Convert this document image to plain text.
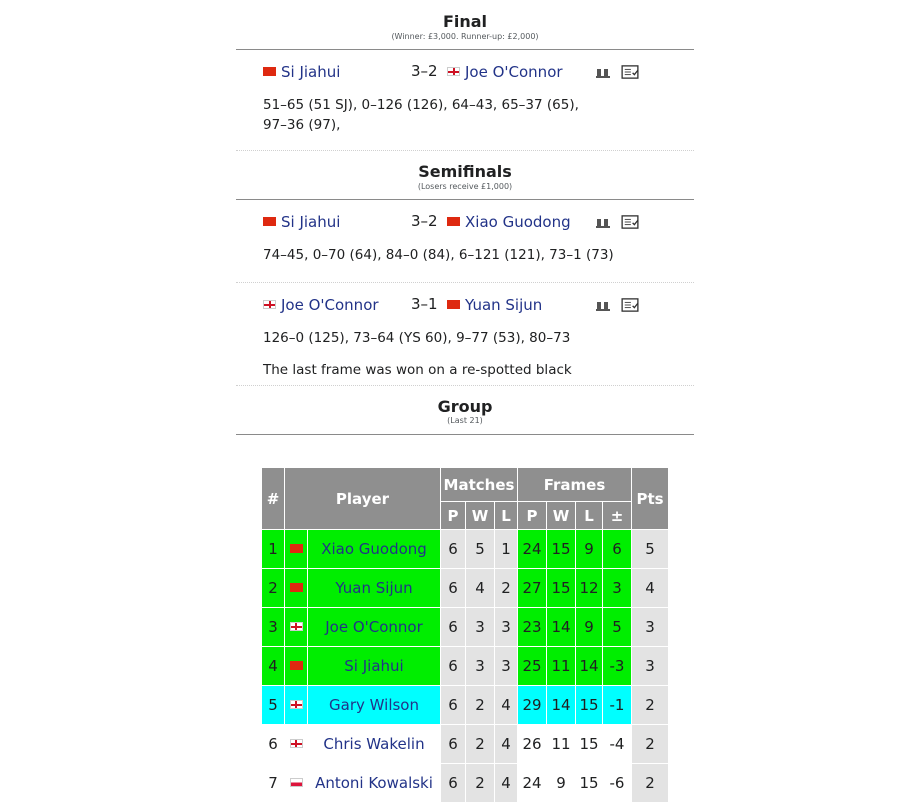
Final
(Winner: £3,000. Runner-up: £2,000)
Si Jiahui	3–2	Joe O'Connor
51–65 (51 SJ), 0–126 (126), 64–43, 65–37 (65),
97–36 (97),
Semifinals
(Losers receive £1,000)
Si Jiahui	3–2	Xiao Guodong
74–45, 0–70 (64), 84–0 (84), 6–121 (121), 73–1 (73)
Joe O'Connor 3–1	Yuan Sijun
126–0 (125), 73–64 (YS 60), 9–77 (53), 80–73
The last frame was won on a re-spotted black
Group
(Last 21)
#	Player		Matches			Frames				Pts
			P	W	L	P	W	L	±	
1		Xiao Guodong	6	5	1	24	15	9	6	5
2		Yuan Sijun	6	4	2	27	15	12	3	4
3		Joe O'Connor	6	3	3	23	14	9	5	3
4		Si Jiahui	6	3	3	25	11	14	-3	3
5		Gary Wilson	6	2	4	29	14	15	-1	2
6		Chris Wakelin	6	2	4	26	11	15	-4	2
7		Antoni Kowalski	6	2	4	24	9	15	-6	2
